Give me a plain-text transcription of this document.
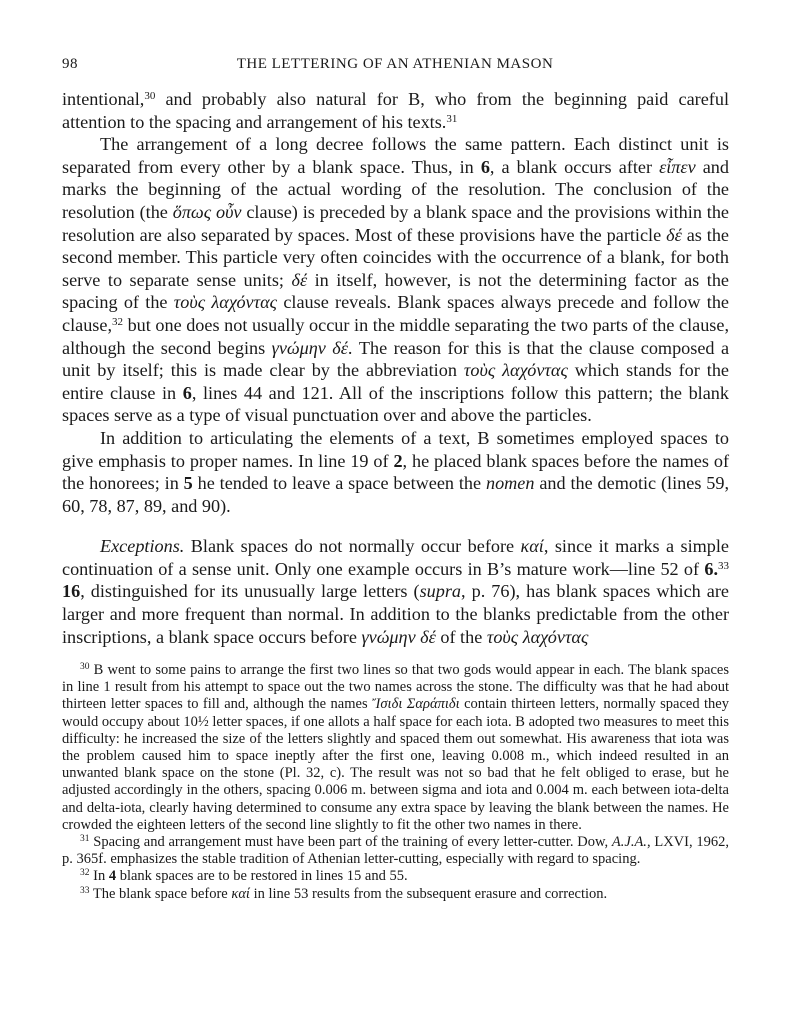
98	THE LETTERING OF AN ATHENIAN MASON

intentional,$^{30}$ and probably also natural for B, who from the beginning paid careful attention to the spacing and arrangement of his texts.$^{31}$

The arrangement of a long decree follows the same pattern. Each distinct unit is separated from every other by a blank space. Thus, in 6, a blank occurs after εἶπεν and marks the beginning of the actual wording of the resolution. The conclusion of the resolution (the ὅπως οὖν clause) is preceded by a blank space and the provisions within the resolution are also separated by spaces. Most of these provisions have the particle δέ as the second member. This particle very often coincides with the occurrence of a blank, for both serve to separate sense units; δέ in itself, however, is not the determining factor as the spacing of the τοὺς λαχόντας clause reveals. Blank spaces always precede and follow the clause,$^{32}$ but one does not usually occur in the middle separating the two parts of the clause, although the second begins γνώμην δέ. The reason for this is that the clause composed a unit by itself; this is made clear by the abbreviation τοὺς λαχόντας which stands for the entire clause in 6, lines 44 and 121. All of the inscriptions follow this pattern; the blank spaces serve as a type of visual punctuation over and above the particles.

In addition to articulating the elements of a text, B sometimes employed spaces to give emphasis to proper names. In line 19 of 2, he placed blank spaces before the names of the honorees; in 5 he tended to leave a space between the nomen and the demotic (lines 59, 60, 78, 87, 89, and 90).

Exceptions. Blank spaces do not normally occur before καί, since it marks a simple continuation of a sense unit. Only one example occurs in B’s mature work—line 52 of 6.33 16, distinguished for its unusually large letters (supra, p. 76), has blank spaces which are larger and more frequent than normal. In addition to the blanks predictable from the other inscriptions, a blank space occurs before γνώμην δέ of the τοὺς λαχόντας

$^{30}$ B went to some pains to arrange the first two lines so that two gods would appear in each. The blank spaces in line 1 result from his attempt to space out the two names across the stone. The difficulty was that he had about thirteen letter spaces to fill and, although the names Ἴσιδι Σαράπιδι contain thirteen letters, normally spaced they would occupy about 10½ letter spaces, if one allots a half space for each iota. B adopted two measures to meet this difficulty: he increased the size of the letters slightly and spaced them out somewhat. His awareness that iota was the problem caused him to space ineptly after the first one, leaving 0.008 m., which indeed resulted in an unwanted blank space on the stone (Pl. 32, c). The result was not so bad that he felt obliged to erase, but he adjusted accordingly in the others, spacing 0.006 m. between sigma and iota and 0.004 m. each between iota-delta and delta-iota, clearly having determined to consume any extra space by leaving the blank between the names. He crowded the eighteen letters of the second line slightly to fit the other two names in there.

$^{31}$ Spacing and arrangement must have been part of the training of every letter-cutter. Dow, A.J.A., LXVI, 1962, p. 365f. emphasizes the stable tradition of Athenian letter-cutting, especially with regard to spacing.

$^{32}$ In 4 blank spaces are to be restored in lines 15 and 55.

$^{33}$ The blank space before καί in line 53 results from the subsequent erasure and correction.
